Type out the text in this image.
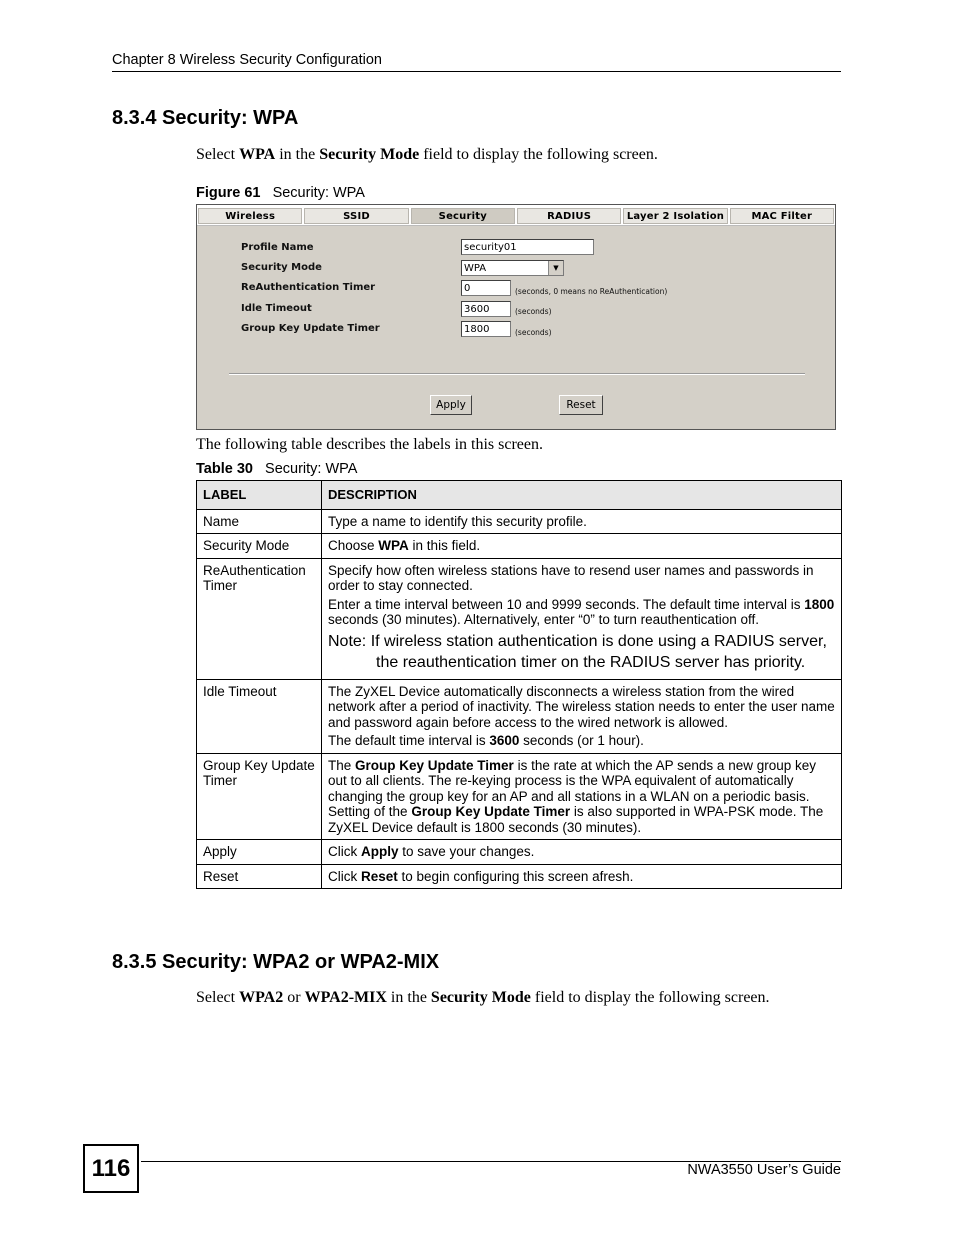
Chapter 8 Wireless Security Configuration
8.3.4 Security: WPA
Select WPA in the Security Mode field to display the following screen.
Figure 61 Security: WPA
Wireless	SSID	Security	RADIUS	Layer 2 Isolation	MAC Filter
Profile Name	security01
Security Mode	WPA	▼
ReAuthentication Timer	0	(seconds, 0 means no ReAuthentication)
Idle Timeout	3600	(seconds)
Group Key Update Timer	1800	(seconds)
Apply	Reset
The following table describes the labels in this screen.
Table 30 Security: WPA
LABEL	DESCRIPTION
Name	Type a name to identify this security profile.
Security Mode	Choose WPA in this field.
ReAuthentication Timer	Specify how often wireless stations have to resend user names and passwords in order to stay connected.

Enter a time interval between 10 and 9999 seconds. The default time interval is 1800 seconds (30 minutes). Alternatively, enter “0” to turn reauthentication off.

Note: If wireless station authentication is done using a RADIUS server, the reauthentication timer on the RADIUS server has priority.

Idle Timeout	The ZyXEL Device automatically disconnects a wireless station from the wired network after a period of inactivity. The wireless station needs to enter the user name and password again before access to the wired network is allowed.

The default time interval is 3600 seconds (or 1 hour).

Group Key Update Timer	The Group Key Update Timer is the rate at which the AP sends a new group key out to all clients. The re-keying process is the WPA equivalent of automatically changing the group key for an AP and all stations in a WLAN on a periodic basis. Setting of the Group Key Update Timer is also supported in WPA-PSK mode. The ZyXEL Device default is 1800 seconds (30 minutes).
Apply	Click Apply to save your changes.
Reset	Click Reset to begin configuring this screen afresh.
8.3.5 Security: WPA2 or WPA2-MIX
Select WPA2 or WPA2-MIX in the Security Mode field to display the following screen.
116	NWA3550 User’s Guide
